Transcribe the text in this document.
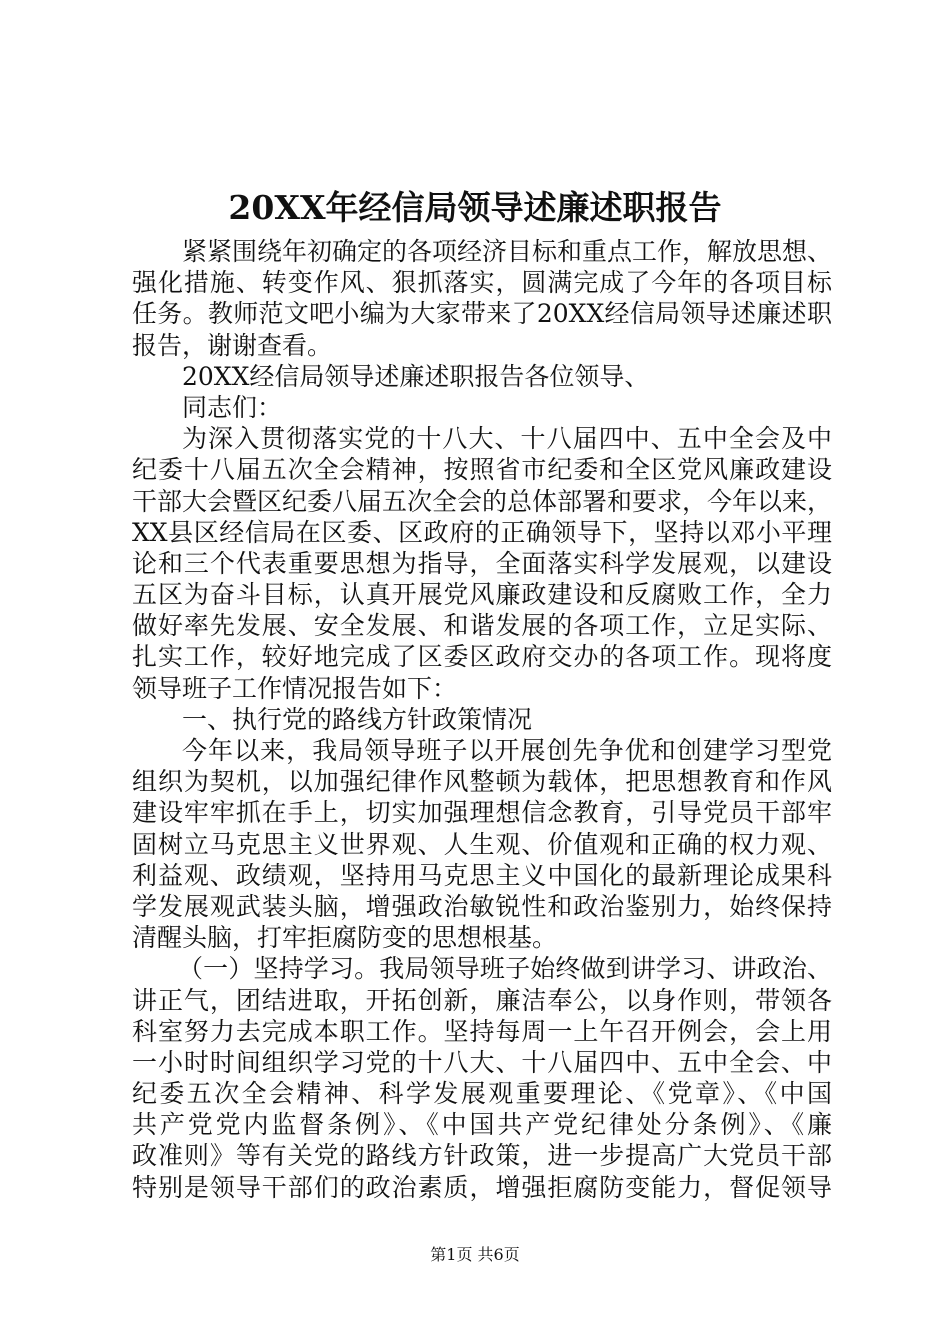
20XX年经信局领导述廉述职报告
紧紧围绕年初确定的各项经济目标和重点工作，解放思想、
强化措施、转变作风、狠抓落实，圆满完成了今年的各项目标
任务。教师范文吧小编为大家带来了20XX经信局领导述廉述职
报告，谢谢查看。
20XX经信局领导述廉述职报告各位领导、
同志们：
为深入贯彻落实党的十八大、十八届四中、五中全会及中
纪委十八届五次全会精神，按照省市纪委和全区党风廉政建设
干部大会暨区纪委八届五次全会的总体部署和要求，今年以来，
XX县区经信局在区委、区政府的正确领导下，坚持以邓小平理
论和三个代表重要思想为指导，全面落实科学发展观，以建设
五区为奋斗目标，认真开展党风廉政建设和反腐败工作，全力
做好率先发展、安全发展、和谐发展的各项工作，立足实际、
扎实工作，较好地完成了区委区政府交办的各项工作。现将度
领导班子工作情况报告如下：
一、执行党的路线方针政策情况
今年以来，我局领导班子以开展创先争优和创建学习型党
组织为契机，以加强纪律作风整顿为载体，把思想教育和作风
建设牢牢抓在手上，切实加强理想信念教育，引导党员干部牢
固树立马克思主义世界观、人生观、价值观和正确的权力观、
利益观、政绩观，坚持用马克思主义中国化的最新理论成果科
学发展观武装头脑，增强政治敏锐性和政治鉴别力，始终保持
清醒头脑，打牢拒腐防变的思想根基。
（一）坚持学习。我局领导班子始终做到讲学习、讲政治、
讲正气，团结进取，开拓创新，廉洁奉公，以身作则，带领各
科室努力去完成本职工作。坚持每周一上午召开例会，会上用
一小时时间组织学习党的十八大、十八届四中、五中全会、中
纪委五次全会精神、科学发展观重要理论、《党章》、《中国
共产党党内监督条例》、《中国共产党纪律处分条例》、《廉
政准则》等有关党的路线方针政策，进一步提高广大党员干部
特别是领导干部们的政治素质，增强拒腐防变能力，督促领导
第1页 共6页
